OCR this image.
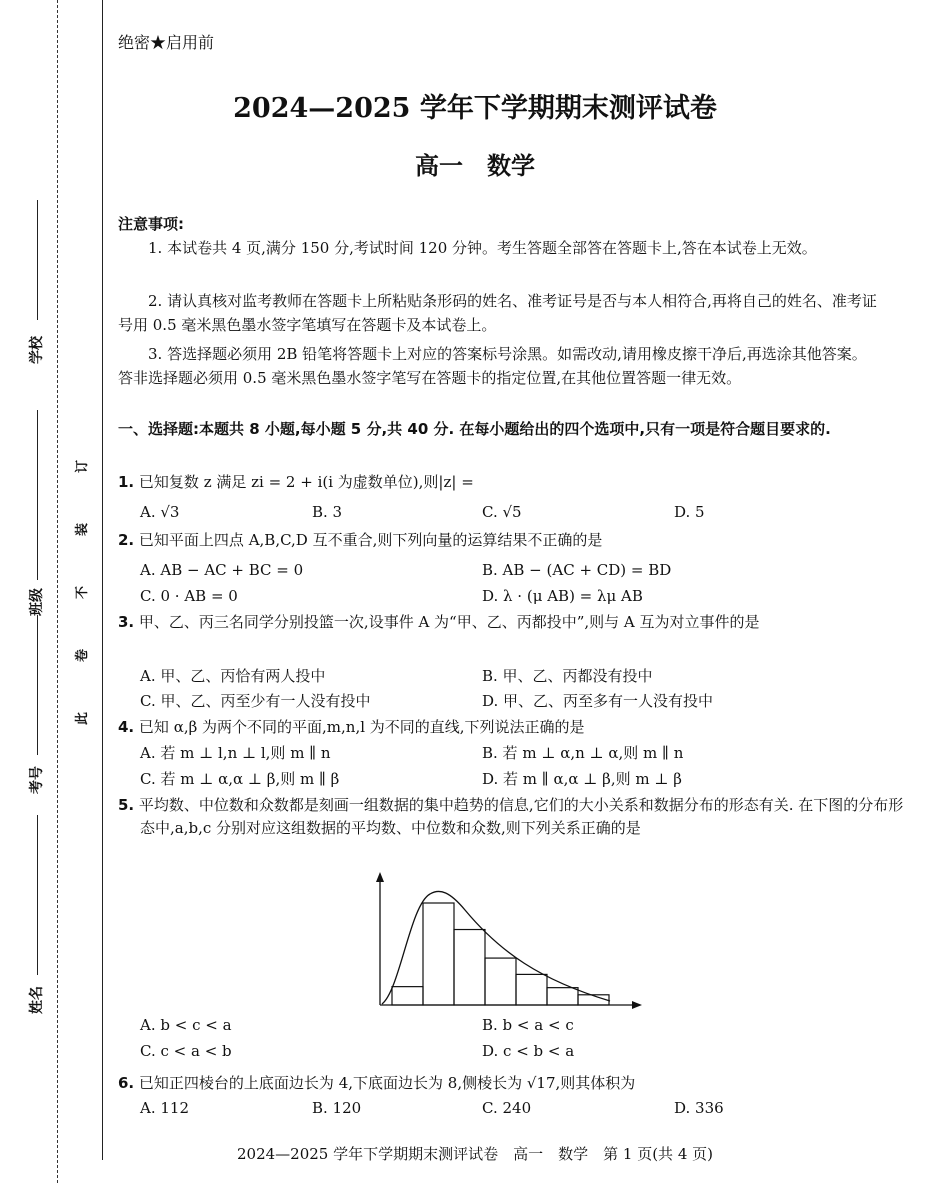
学校
班级
考号
姓名
订
装
不
卷
此
绝密★启用前
2024—2025 学年下学期期末测评试卷
高一　数学
注意事项:
1. 本试卷共 4 页,满分 150 分,考试时间 120 分钟。考生答题全部答在答题卡上,答在本试卷上无效。
2. 请认真核对监考教师在答题卡上所粘贴条形码的姓名、准考证号是否与本人相符合,再将自己的姓名、准考证号用 0.5 毫米黑色墨水签字笔填写在答题卡及本试卷上。
3. 答选择题必须用 2B 铅笔将答题卡上对应的答案标号涂黑。如需改动,请用橡皮擦干净后,再选涂其他答案。答非选择题必须用 0.5 毫米黑色墨水签字笔写在答题卡的指定位置,在其他位置答题一律无效。
一、选择题:本题共 8 小题,每小题 5 分,共 40 分. 在每小题给出的四个选项中,只有一项是符合题目要求的.
1. 已知复数 z 满足 zi = 2 + i(i 为虚数单位),则|z| =
A. √3	B. 3	C. √5	D. 5
2. 已知平面上四点 A,B,C,D 互不重合,则下列向量的运算结果不正确的是
A. AB − AC + BC = 0	B. AB − (AC + CD) = BD
C. 0 · AB = 0	D. λ · (μ AB) = λμ AB
3. 甲、乙、丙三名同学分别投篮一次,设事件 A 为“甲、乙、丙都投中”,则与 A 互为对立事件的是
A. 甲、乙、丙恰有两人投中	B. 甲、乙、丙都没有投中
C. 甲、乙、丙至少有一人没有投中	D. 甲、乙、丙至多有一人没有投中
4. 已知 α,β 为两个不同的平面,m,n,l 为不同的直线,下列说法正确的是
A. 若 m ⊥ l,n ⊥ l,则 m ∥ n	B. 若 m ⊥ α,n ⊥ α,则 m ∥ n
C. 若 m ⊥ α,α ⊥ β,则 m ∥ β	D. 若 m ∥ α,α ⊥ β,则 m ⊥ β
5. 平均数、中位数和众数都是刻画一组数据的集中趋势的信息,它们的大小关系和数据分布的形态有关. 在下图的分布形态中,a,b,c 分别对应这组数据的平均数、中位数和众数,则下列关系正确的是
A. b < c < a	B. b < a < c
C. c < a < b	D. c < b < a
6. 已知正四棱台的上底面边长为 4,下底面边长为 8,侧棱长为 √17,则其体积为
A. 112	B. 120	C. 240	D. 336
2024—2025 学年下学期期末测评试卷　高一　数学　第 1 页(共 4 页)
